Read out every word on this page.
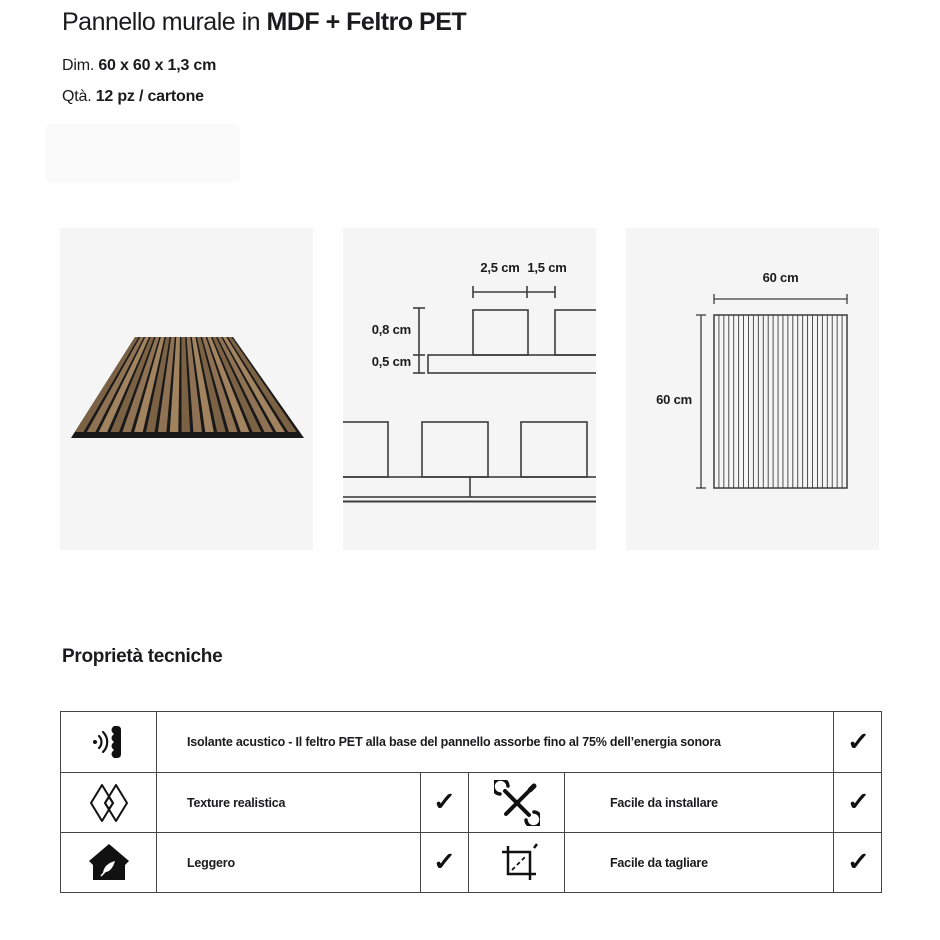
Pannello murale in MDF + Feltro PET
Dim. 60 x 60 x 1,3 cm
Qtà. 12 pz / cartone
2,5 cm 1,5 cm
0,8 cm
0,5 cm
60 cm
60 cm
Proprietà tecniche
Isolante acustico - Il feltro PET alla base del pannello assorbe fino al 75% dell’energia sonora	✓
Texture realistica	✓	Facile da installare	✓
Leggero	✓	Facile da tagliare	✓
